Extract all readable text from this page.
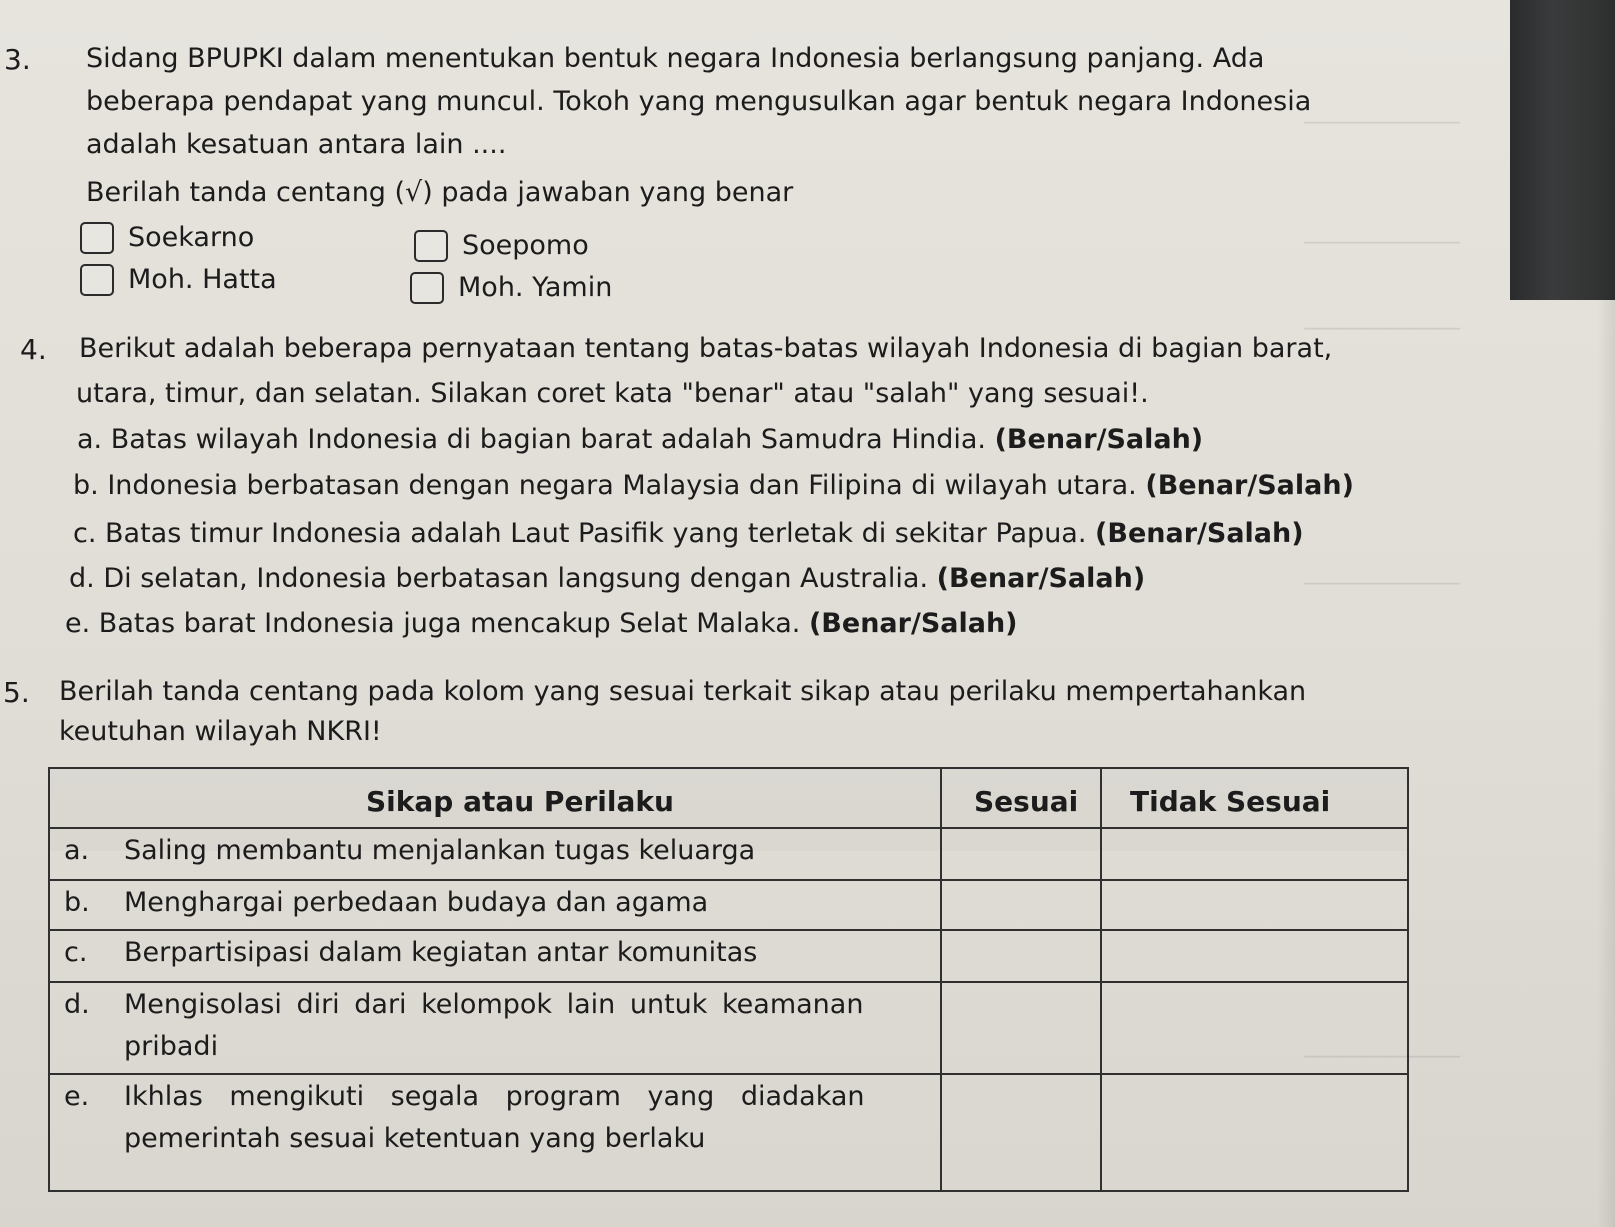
_____________
_____________
_____________
_____________
_____________
3. Sidang BPUPKI dalam menentukan bentuk negara Indonesia berlangsung panjang. Ada
beberapa pendapat yang muncul. Tokoh yang mengusulkan agar bentuk negara Indonesia
adalah kesatuan antara lain ....
Berilah tanda centang (√) pada jawaban yang benar
Soekarno	Soepomo
Moh. Hatta	Moh. Yamin
4. Berikut adalah beberapa pernyataan tentang batas-batas wilayah Indonesia di bagian barat,
utara, timur, dan selatan. Silakan coret kata "benar" atau "salah" yang sesuai!.
a. Batas wilayah Indonesia di bagian barat adalah Samudra Hindia. (Benar/Salah)
b. Indonesia berbatasan dengan negara Malaysia dan Filipina di wilayah utara. (Benar/Salah)
c. Batas timur Indonesia adalah Laut Pasifik yang terletak di sekitar Papua. (Benar/Salah)
d. Di selatan, Indonesia berbatasan langsung dengan Australia. (Benar/Salah)
e. Batas barat Indonesia juga mencakup Selat Malaka. (Benar/Salah)
5. Berilah tanda centang pada kolom yang sesuai terkait sikap atau perilaku mempertahankan
keutuhan wilayah NKRI!
Sikap atau Perilaku	Sesuai Tidak Sesuai
a. Saling membantu menjalankan tugas keluarga
b. Menghargai perbedaan budaya dan agama
c. Berpartisipasi dalam kegiatan antar komunitas
d. Mengisolasi diri dari kelompok lain untuk keamanan
pribadi
e. Ikhlas mengikuti segala program yang diadakan
pemerintah sesuai ketentuan yang berlaku
